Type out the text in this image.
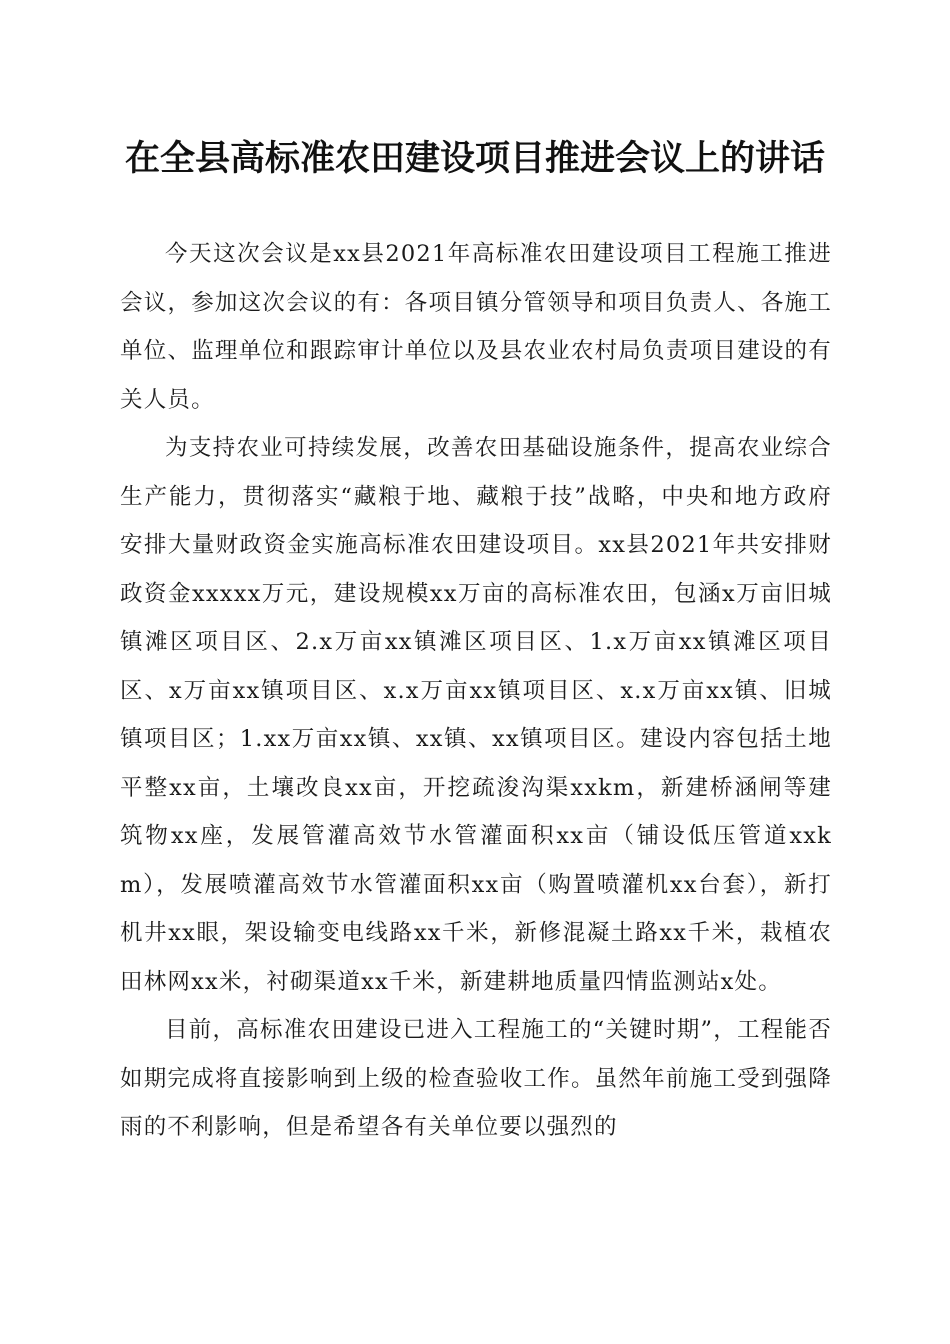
在全县高标准农田建设项目推进会议上的讲话

今天这次会议是xx县2021年高标准农田建设项目工程施工推进会议，参加这次会议的有：各项目镇分管领导和项目负责人、各施工单位、监理单位和跟踪审计单位以及县农业农村局负责项目建设的有关人员。

为支持农业可持续发展，改善农田基础设施条件，提高农业综合生产能力，贯彻落实“藏粮于地、藏粮于技”战略，中央和地方政府安排大量财政资金实施高标准农田建设项目。xx县2021年共安排财政资金xxxxx万元，建设规模xx万亩的高标准农田，包涵x万亩旧城镇滩区项目区、2.x万亩xx镇滩区项目区、1.x万亩xx镇滩区项目区、x万亩xx镇项目区、x.x万亩xx镇项目区、x.x万亩xx镇、旧城镇项目区；1.xx万亩xx镇、xx镇、xx镇项目区。建设内容包括土地平整xx亩，土壤改良xx亩，开挖疏浚沟渠xxkm，新建桥涵闸等建筑物xx座，发展管灌高效节水管灌面积xx亩（铺设低压管道xxkm），发展喷灌高效节水管灌面积xx亩（购置喷灌机xx台套），新打机井xx眼，架设输变电线路xx千米，新修混凝土路xx千米，栽植农田林网xx米，衬砌渠道xx千米，新建耕地质量四情监测站x处。

目前，高标准农田建设已进入工程施工的“关键时期”，工程能否如期完成将直接影响到上级的检查验收工作。虽然年前施工受到强降雨的不利影响，但是希望各有关单位要以强烈的
